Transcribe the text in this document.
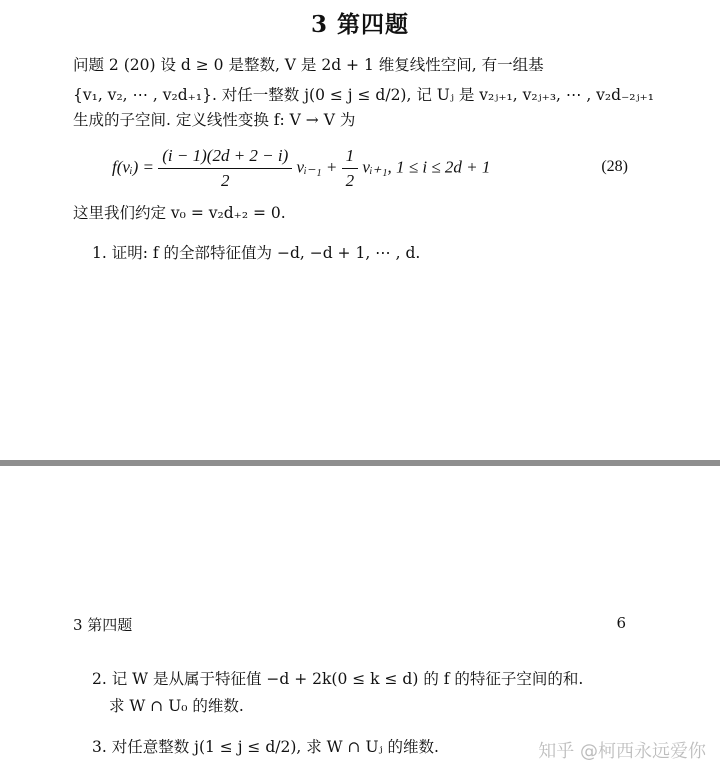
3 第四题
问题 2 (20) 设 d ≥ 0 是整数, V 是 2d + 1 维复线性空间, 有一组基
{v₁, v₂, ⋯ , v₂d₊₁}. 对任一整数 j(0 ≤ j ≤ d/2), 记 Uⱼ 是 v₂ⱼ₊₁, v₂ⱼ₊₃, ⋯ , v₂d₋₂ⱼ₊₁
生成的子空间. 定义线性变换 f: V → V 为
f(vᵢ) = $\frac{(i - 1)(2d + 2 - i)}{2}$ vᵢ₋₁ + $\frac{1}{2}$ vᵢ₊₁, 1 ≤ i ≤ 2d + 1	(28)
这里我们约定 v₀ = v₂d₊₂ = 0.
1. 证明: f 的全部特征值为 −d, −d + 1, ⋯ , d.
3 第四题	6
2. 记 W 是从属于特征值 −d + 2k(0 ≤ k ≤ d) 的 f 的特征子空间的和.
求 W ∩ U₀ 的维数.
3. 对任意整数 j(1 ≤ j ≤ d/2), 求 W ∩ Uⱼ 的维数.	知乎 @柯西永远爱你
